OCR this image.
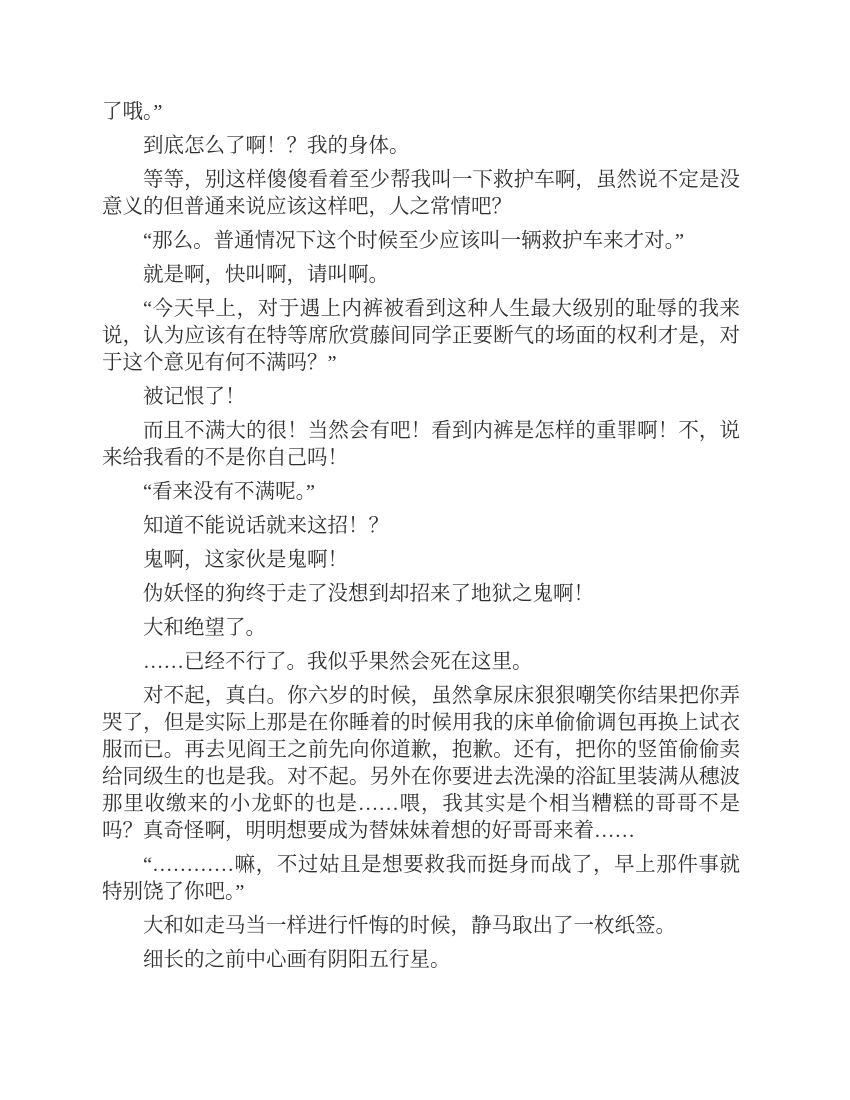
了哦。”

到底怎么了啊！？我的身体。

等等，别这样傻傻看着至少帮我叫一下救护车啊，虽然说不定是没意义的但普通来说应该这样吧，人之常情吧？

“那么。普通情况下这个时候至少应该叫一辆救护车来才对。”

就是啊，快叫啊，请叫啊。

“今天早上，对于遇上内裤被看到这种人生最大级别的耻辱的我来说，认为应该有在特等席欣赏藤间同学正要断气的场面的权利才是，对于这个意见有何不满吗？”

被记恨了！

而且不满大的很！当然会有吧！看到内裤是怎样的重罪啊！不，说来给我看的不是你自己吗！

“看来没有不满呢。”

知道不能说话就来这招！？

鬼啊，这家伙是鬼啊！

伪妖怪的狗终于走了没想到却招来了地狱之鬼啊！

大和绝望了。

……已经不行了。我似乎果然会死在这里。

对不起，真白。你六岁的时候，虽然拿尿床狠狠嘲笑你结果把你弄哭了，但是实际上那是在你睡着的时候用我的床单偷偷调包再换上试衣服而已。再去见阎王之前先向你道歉，抱歉。还有，把你的竖笛偷偷卖给同级生的也是我。对不起。另外在你要进去洗澡的浴缸里装满从穗波那里收缴来的小龙虾的也是……喂，我其实是个相当糟糕的哥哥不是吗？真奇怪啊，明明想要成为替妹妹着想的好哥哥来着……

“…………嘛，不过姑且是想要救我而挺身而战了，早上那件事就特别饶了你吧。”

大和如走马当一样进行忏悔的时候，静马取出了一枚纸签。

细长的之前中心画有阴阳五行星。
